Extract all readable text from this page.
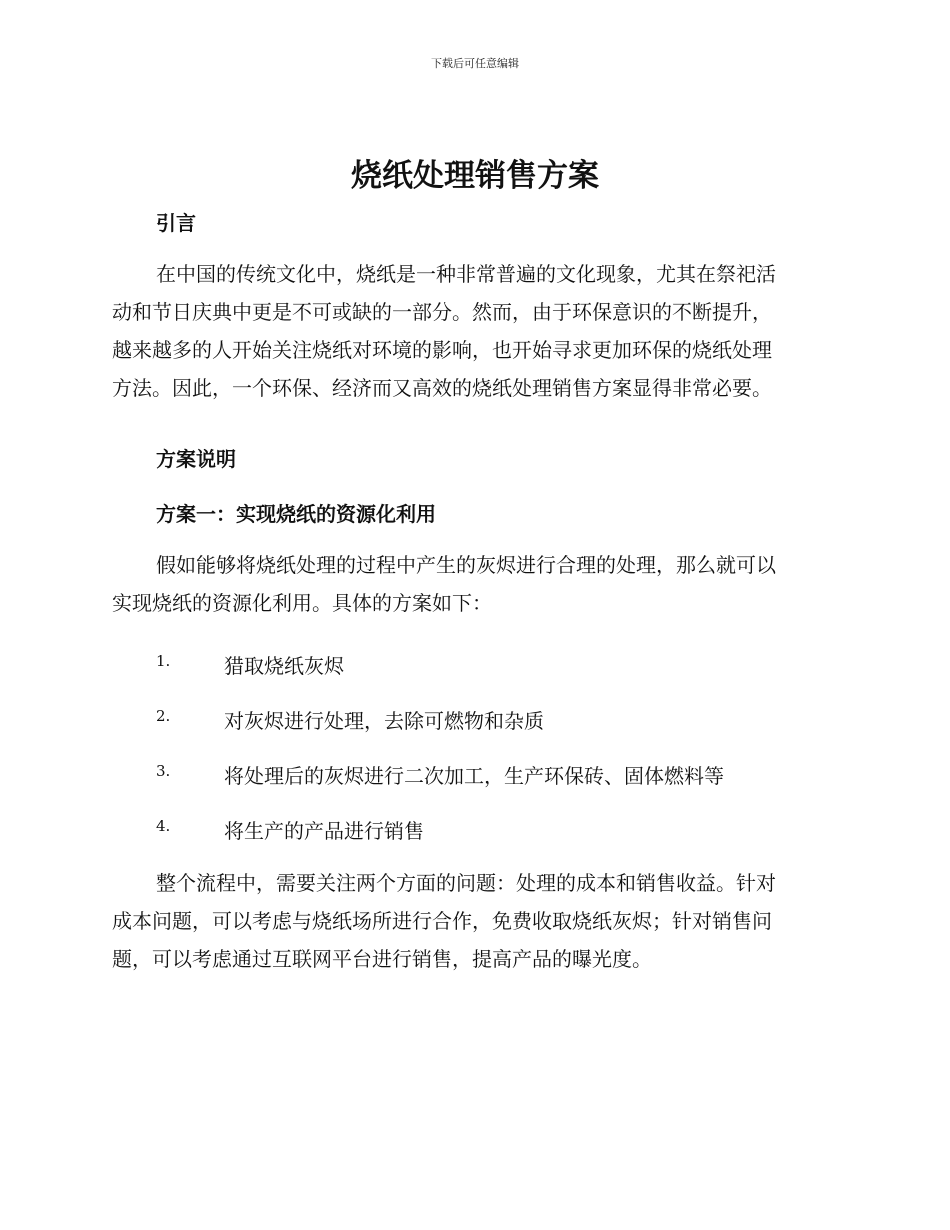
下载后可任意编辑
烧纸处理销售方案
引言

在中国的传统文化中，烧纸是一种非常普遍的文化现象，尤其在祭祀活
动和节日庆典中更是不可或缺的一部分。然而，由于环保意识的不断提升，
越来越多的人开始关注烧纸对环境的影响，也开始寻求更加环保的烧纸处理
方法。因此，一个环保、经济而又高效的烧纸处理销售方案显得非常必要。

方案说明
方案一：实现烧纸的资源化利用

假如能够将烧纸处理的过程中产生的灰烬进行合理的处理，那么就可以
实现烧纸的资源化利用。具体的方案如下：

1.	猎取烧纸灰烬
2.	对灰烬进行处理，去除可燃物和杂质
3.	将处理后的灰烬进行二次加工，生产环保砖、固体燃料等
4.	将生产的产品进行销售

整个流程中，需要关注两个方面的问题：处理的成本和销售收益。针对
成本问题，可以考虑与烧纸场所进行合作，免费收取烧纸灰烬；针对销售问
题，可以考虑通过互联网平台进行销售，提高产品的曝光度。
